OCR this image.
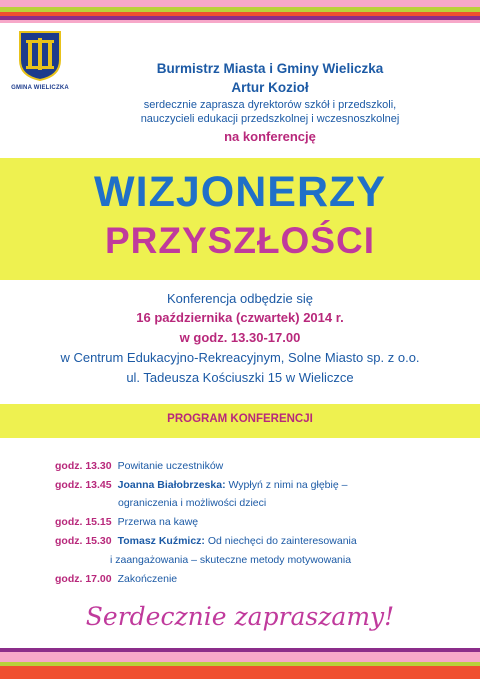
GMINA WIELICZKA
Burmistrz Miasta i Gminy Wieliczka
Artur Kozioł
serdecznie zaprasza dyrektorów szkół i przedszkoli,
nauczycieli edukacji przedszkolnej i wczesnoszkolnej
na konferencję
WIZJONERZY
PRZYSZŁOŚCI
Konferencja odbędzie się
16 października (czwartek) 2014 r.
w godz. 13.30-17.00
w Centrum Edukacyjno-Rekreacyjnym, Solne Miasto sp. z o.o.
ul. Tadeusza Kościuszki 15 w Wieliczce
PROGRAM KONFERENCJI
godz. 13.30 Powitanie uczestników
godz. 13.45 Joanna Białobrzeska: Wypłyń z nimi na głębię –
ograniczenia i możliwości dzieci
godz. 15.15 Przerwa na kawę
godz. 15.30 Tomasz Kuźmicz: Od niechęci do zainteresowania
i zaangażowania – skuteczne metody motywowania
godz. 17.00 Zakończenie
Serdecznie zapraszamy!
